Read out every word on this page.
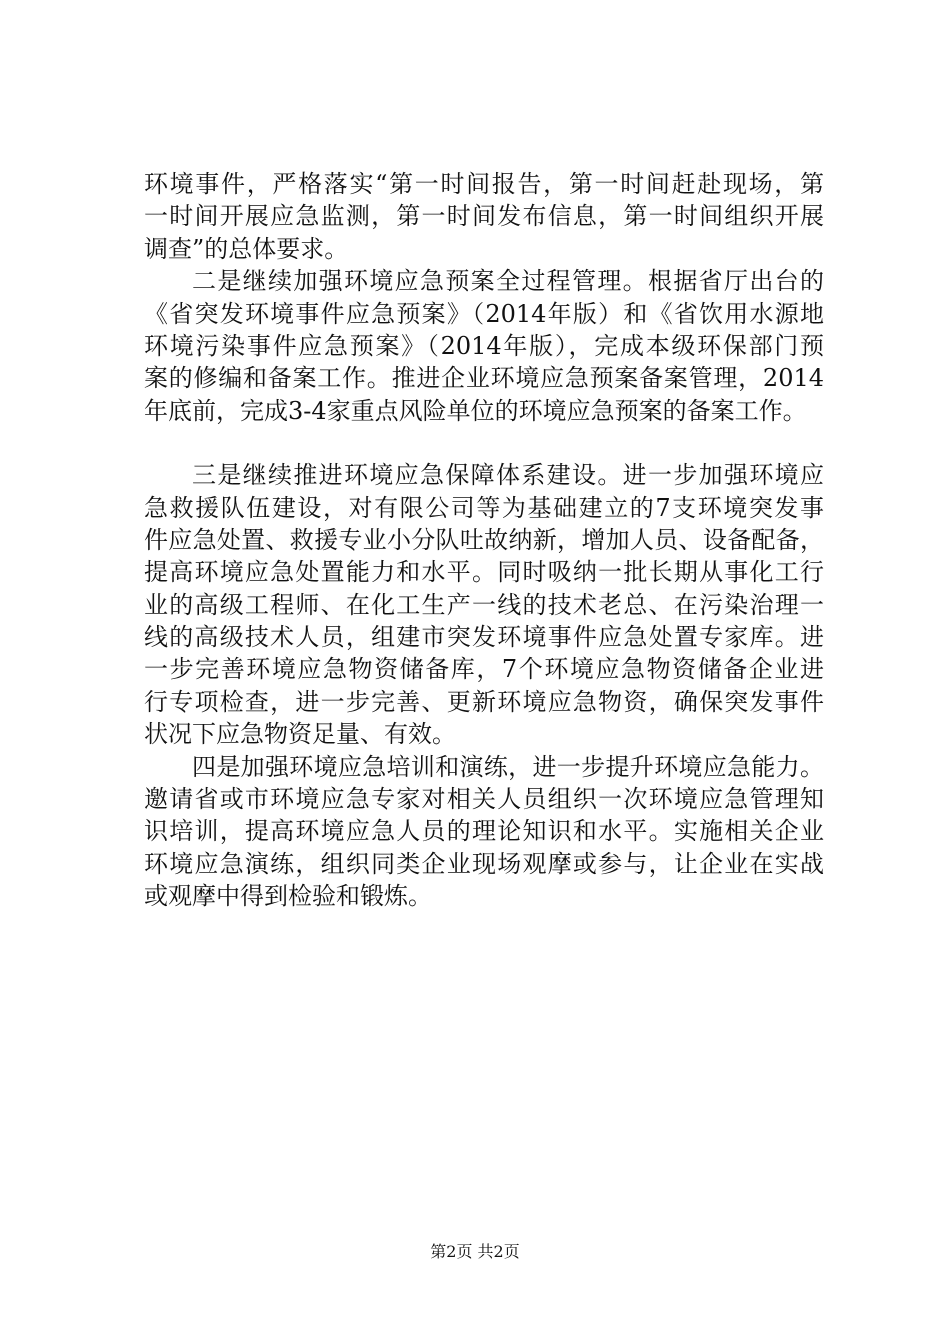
环境事件，严格落实“第一时间报告，第一时间赶赴现场，第
一时间开展应急监测，第一时间发布信息，第一时间组织开展
调查”的总体要求。
二是继续加强环境应急预案全过程管理。根据省厅出台的
《省突发环境事件应急预案》（2014年版）和《省饮用水源地
环境污染事件应急预案》（2014年版），完成本级环保部门预
案的修编和备案工作。推进企业环境应急预案备案管理，2014
年底前，完成3-4家重点风险单位的环境应急预案的备案工作。
三是继续推进环境应急保障体系建设。进一步加强环境应
急救援队伍建设，对有限公司等为基础建立的7支环境突发事
件应急处置、救援专业小分队吐故纳新，增加人员、设备配备，
提高环境应急处置能力和水平。同时吸纳一批长期从事化工行
业的高级工程师、在化工生产一线的技术老总、在污染治理一
线的高级技术人员，组建市突发环境事件应急处置专家库。进
一步完善环境应急物资储备库，7个环境应急物资储备企业进
行专项检查，进一步完善、更新环境应急物资，确保突发事件
状况下应急物资足量、有效。
四是加强环境应急培训和演练，进一步提升环境应急能力。
邀请省或市环境应急专家对相关人员组织一次环境应急管理知
识培训，提高环境应急人员的理论知识和水平。实施相关企业
环境应急演练，组织同类企业现场观摩或参与，让企业在实战
或观摩中得到检验和锻炼。
第2页 共2页
